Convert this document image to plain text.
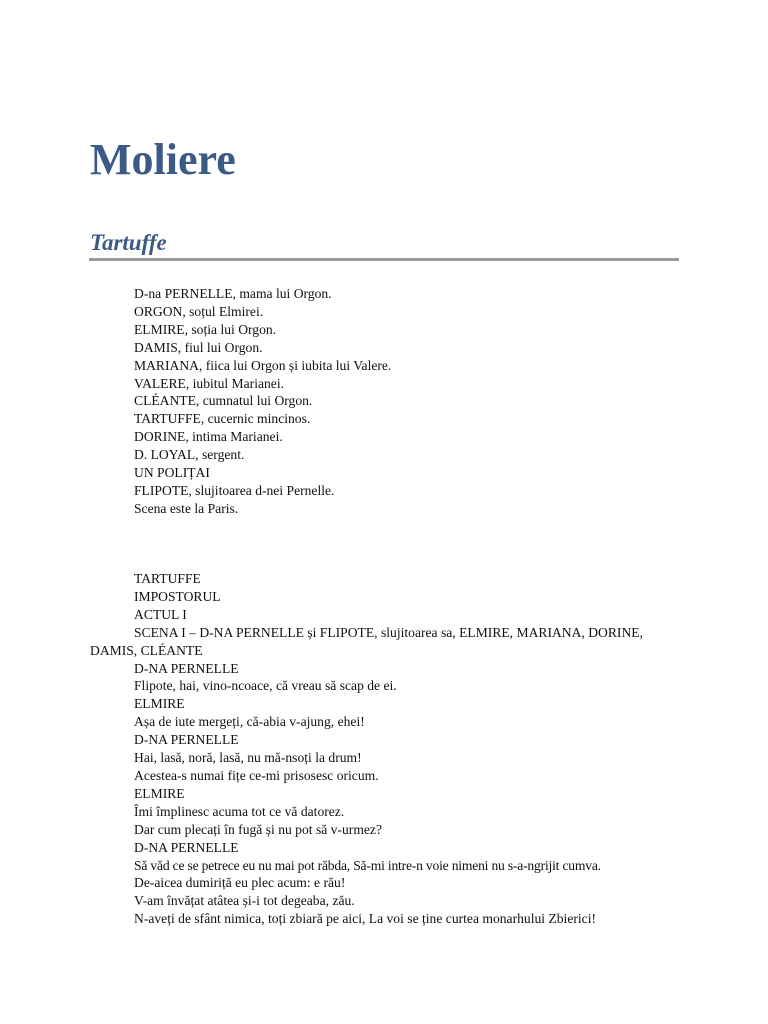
Moliere
Tartuffe
D-na PERNELLE, mama lui Orgon.
ORGON, soțul Elmirei.
ELMIRE, soția lui Orgon.
DAMIS, fiul lui Orgon.
MARIANA, fiica lui Orgon și iubita lui Valere.
VALERE, iubitul Marianei.
CLÉANTE, cumnatul lui Orgon.
TARTUFFE, cucernic mincinos.
DORINE, intima Marianei.
D. LOYAL, sergent.
UN POLIȚAI
FLIPOTE, slujitoarea d-nei Pernelle.
Scena este la Paris.
TARTUFFE
IMPOSTORUL
ACTUL I
SCENA I – D-NA PERNELLE și FLIPOTE, slujitoarea sa, ELMIRE, MARIANA, DORINE, DAMIS, CLÉANTE
D-NA PERNELLE
Flipote, hai, vino-ncoace, că vreau să scap de ei.
ELMIRE
Așa de iute mergeți, că-abia v-ajung, ehei!
D-NA PERNELLE
Hai, lasă, noră, lasă, nu mă-nsoți la drum!
Acestea-s numai fițe ce-mi prisosesc oricum.
ELMIRE
Îmi împlinesc acuma tot ce vă datorez.
Dar cum plecați în fugă și nu pot să v-urmez?
D-NA PERNELLE
Să văd ce se petrece eu nu mai pot răbda, Să-mi intre-n voie nimeni nu s-a-ngrijit cumva.
De-aicea dumiriță eu plec acum: e rău!
V-am învățat atâtea și-i tot degeaba, zău.
N-aveți de sfânt nimica, toți zbiară pe aici, La voi se ține curtea monarhului Zbierici!
